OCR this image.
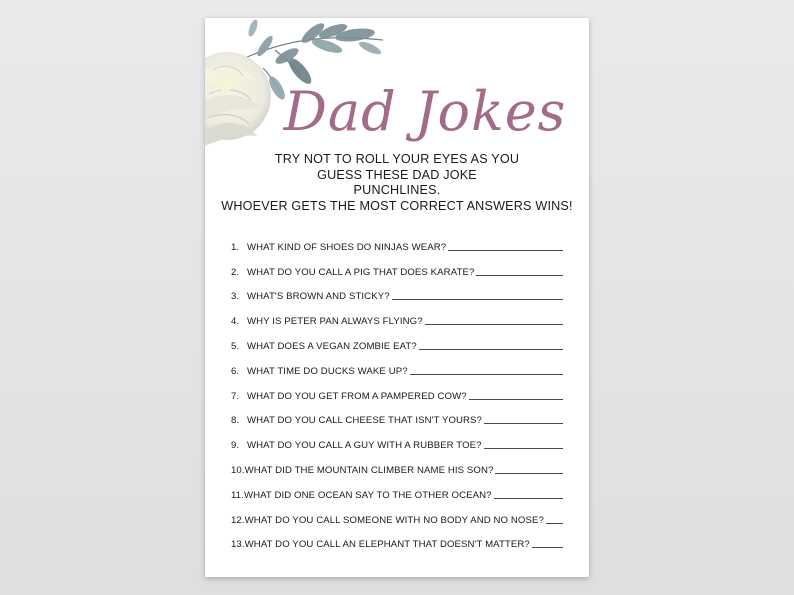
Dad Jokes
TRY NOT TO ROLL YOUR EYES AS YOU
GUESS THESE DAD JOKE
PUNCHLINES.
WHOEVER GETS THE MOST CORRECT ANSWERS WINS!
1. WHAT KIND OF SHOES DO NINJAS WEAR?
2. WHAT DO YOU CALL A PIG THAT DOES KARATE?
3. WHAT'S BROWN AND STICKY?
4. WHY IS PETER PAN ALWAYS FLYING?
5. WHAT DOES A VEGAN ZOMBIE EAT?
6. WHAT TIME DO DUCKS WAKE UP?
7. WHAT DO YOU GET FROM A PAMPERED COW?
8. WHAT DO YOU CALL CHEESE THAT ISN'T YOURS?
9. WHAT DO YOU CALL A GUY WITH A RUBBER TOE?
10. WHAT DID THE MOUNTAIN CLIMBER NAME HIS SON?
11. WHAT DID ONE OCEAN SAY TO THE OTHER OCEAN?
12. WHAT DO YOU CALL SOMEONE WITH NO BODY AND NO NOSE?
13. WHAT DO YOU CALL AN ELEPHANT THAT DOESN'T MATTER?
